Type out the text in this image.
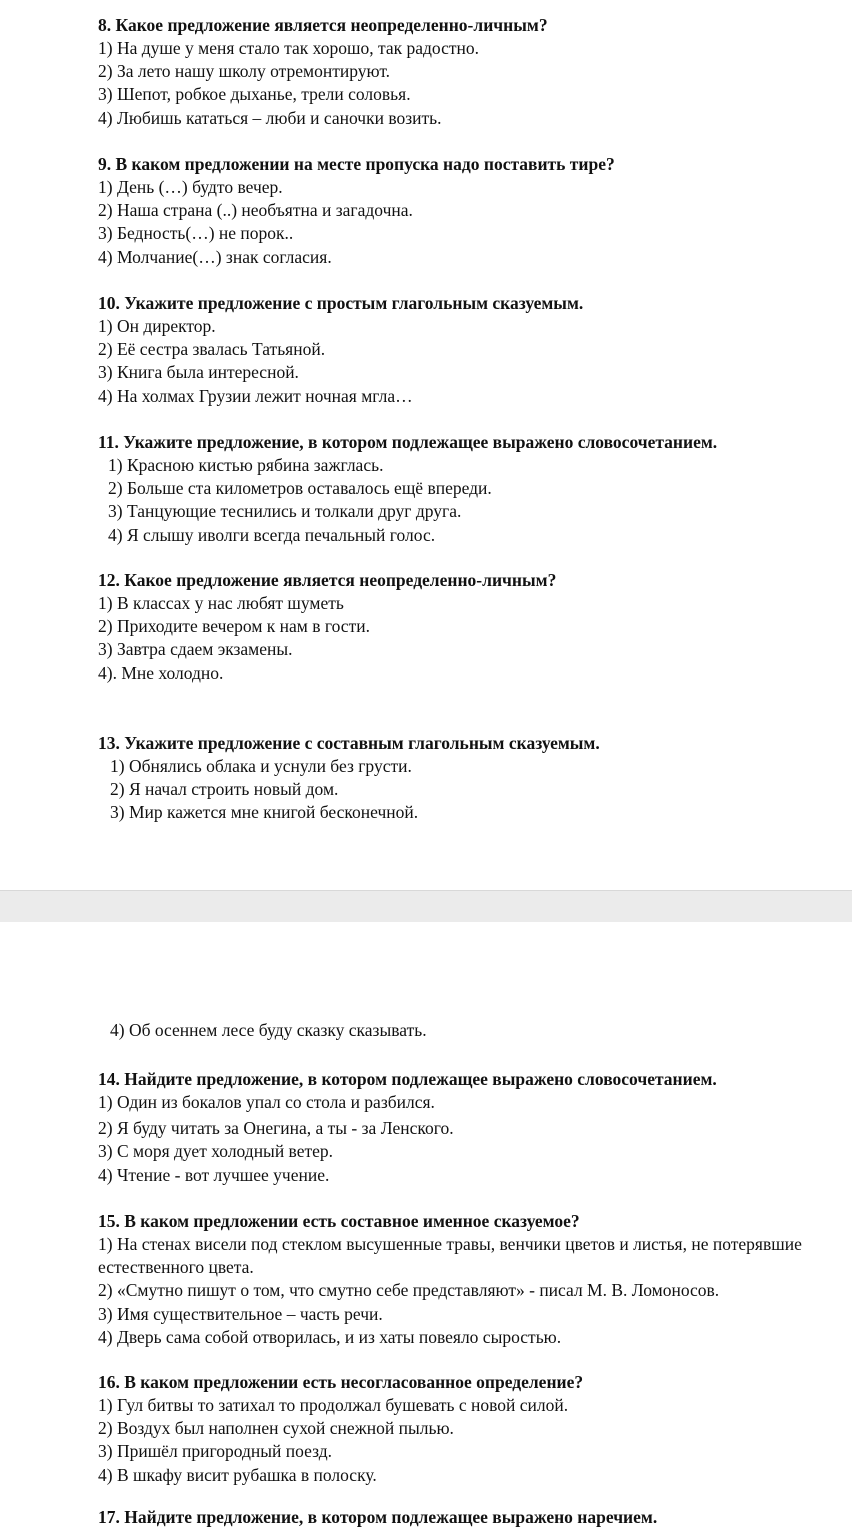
8. Какое предложение является неопределенно-личным?
1) На душе у меня стало так хорошо, так радостно.
2) За лето нашу школу отремонтируют.
3) Шепот, робкое дыханье, трели соловья.
4) Любишь кататься – люби и саночки возить.
9. В каком предложении на месте пропуска надо поставить тире?
1) День (…) будто вечер.
2) Наша страна (..) необъятна и загадочна.
3) Бедность(…) не порок..
4) Молчание(…) знак согласия.
10. Укажите предложение с простым глагольным сказуемым.
1) Он директор.
2) Её сестра звалась Татьяной.
3) Книга была интересной.
4) На холмах Грузии лежит ночная мгла…
11. Укажите предложение, в котором подлежащее выражено словосочетанием.
1) Красною кистью рябина зажглась.
2) Больше ста километров оставалось ещё впереди.
3) Танцующие теснились и толкали друг друга.
4) Я слышу иволги всегда печальный голос.
12. Какое предложение является неопределенно-личным?
1) В классах у нас любят шуметь
2) Приходите вечером к нам в гости.
3) Завтра сдаем экзамены.
4). Мне холодно.
13. Укажите предложение с составным глагольным сказуемым.
1) Обнялись облака и уснули без грусти.
2) Я начал строить новый дом.
3) Мир кажется мне книгой бесконечной.
4) Об осеннем лесе буду сказку сказывать.
14. Найдите предложение, в котором подлежащее выражено словосочетанием.
1) Один из бокалов упал со стола и разбился.
2) Я буду читать за Онегина, а ты - за Ленского.
3) С моря дует холодный ветер.
4) Чтение - вот лучшее учение.
15. В каком предложении есть составное именное сказуемое?
1) На стенах висели под стеклом высушенные травы, венчики цветов и листья, не потерявшие естественного цвета.
2) «Смутно пишут о том, что смутно себе представляют» - писал М. В. Ломоносов.
3) Имя существительное – часть речи.
4) Дверь сама собой отворилась, и из хаты повеяло сыростью.
16. В каком предложении есть несогласованное определение?
1) Гул битвы то затихал то продолжал бушевать с новой силой.
2) Воздух был наполнен сухой снежной пылью.
3) Пришёл пригородный поезд.
4) В шкафу висит рубашка в полоску.
17. Найдите предложение, в котором подлежащее выражено наречием.
